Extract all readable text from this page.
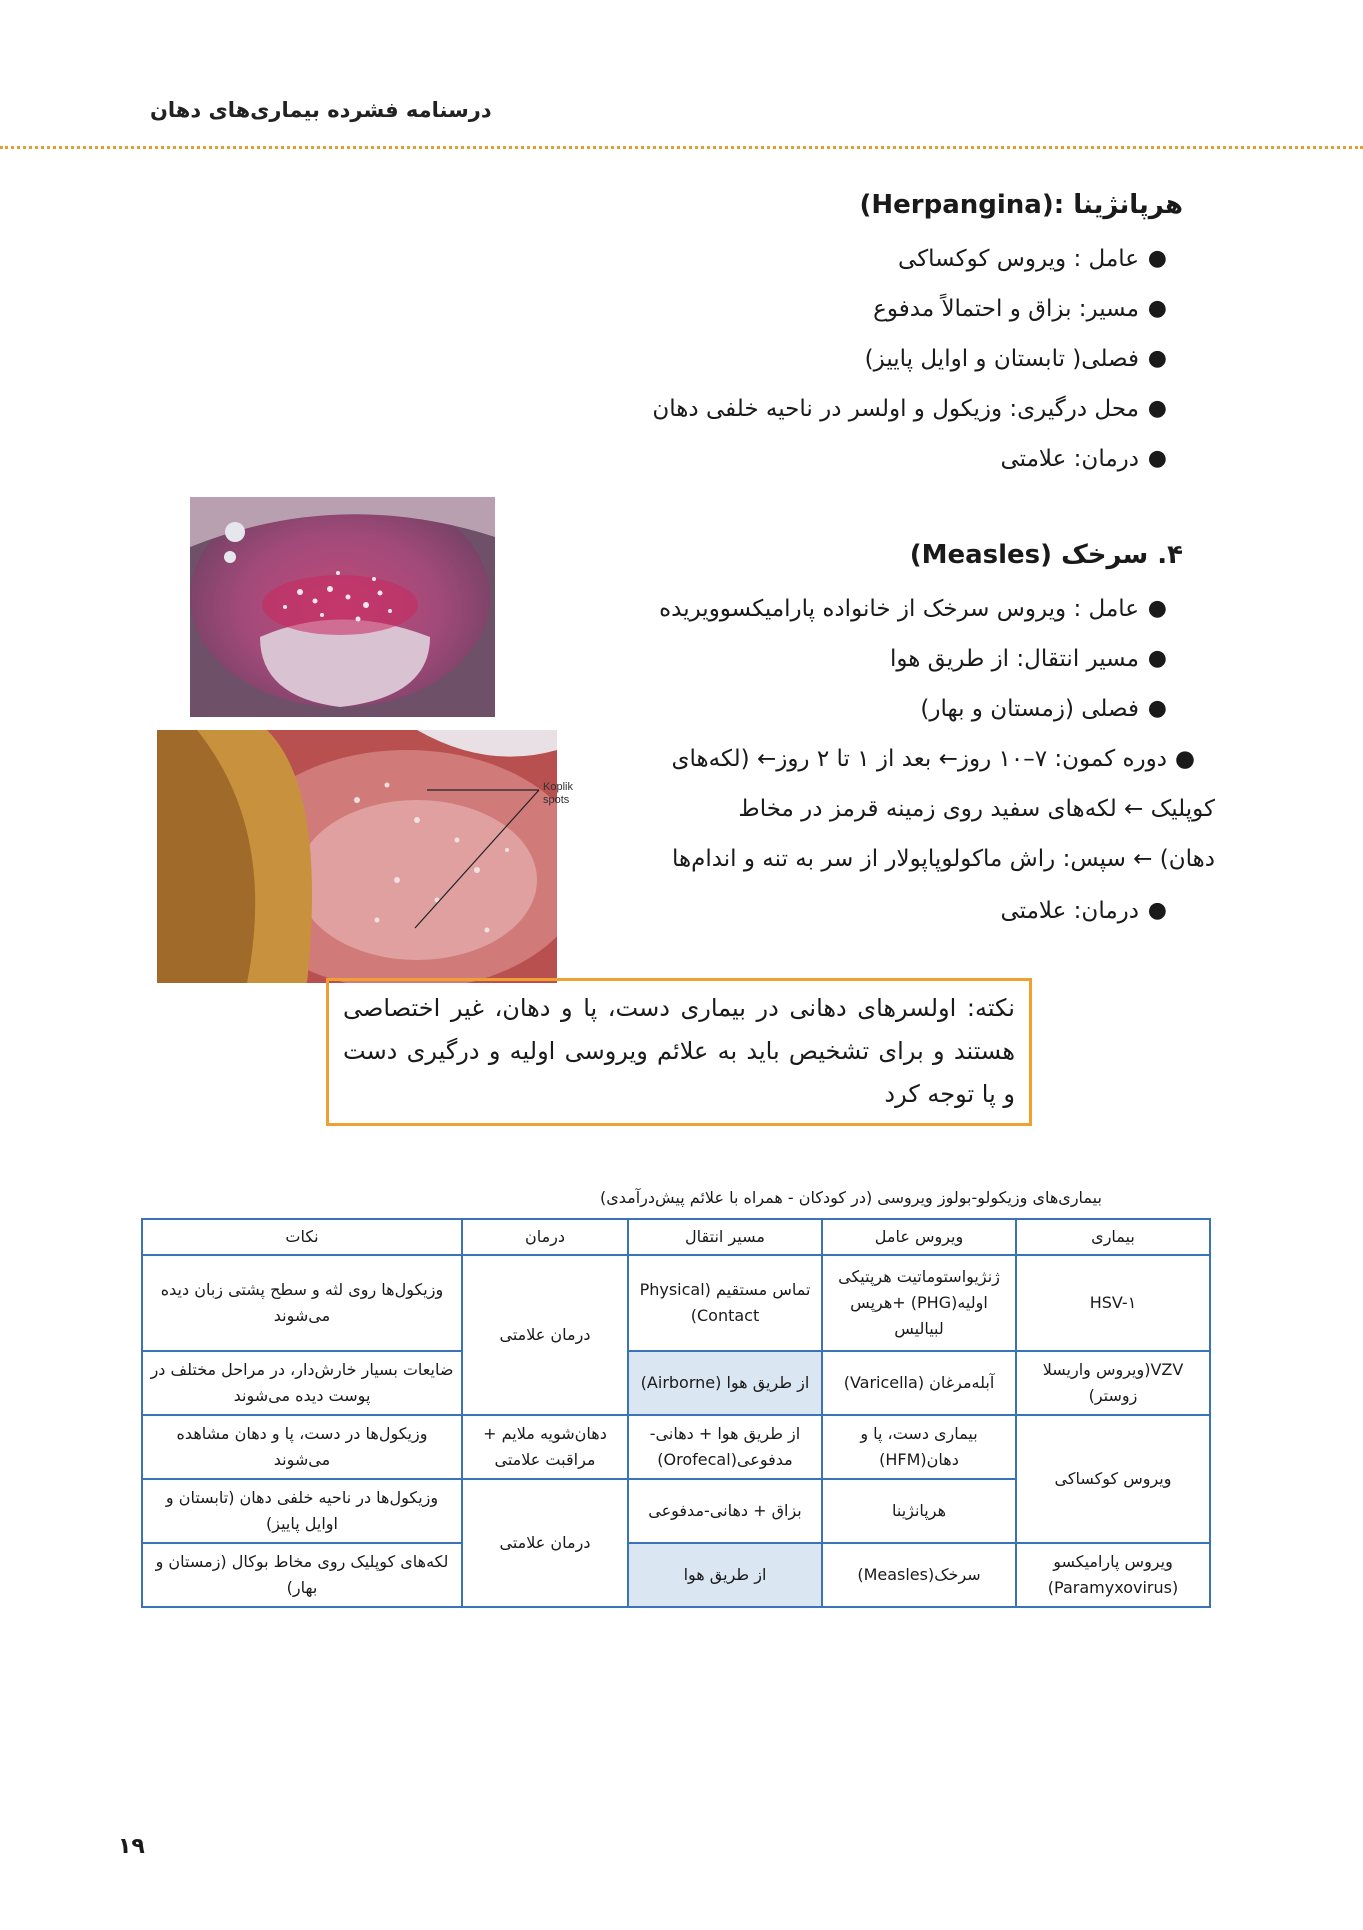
درسنامه فشرده بیماری‌های دهان
هرپانژینا :(Herpangina)
●
عامل : ویروس کوکساکی
●
مسیر: بزاق و احتمالاً مدفوع
●
فصلی( تابستان و اوایل پاییز)
●
محل درگیری: وزیکول و اولسر در ناحیه خلفی دهان
●
درمان: علامتی
۴. سرخک (Measles)
●
عامل : ویروس سرخک از خانواده پارامیکسوویریده
●
مسیر انتقال: از طریق هوا
●
فصلی (زمستان و بهار)
●
دوره کمون: ۷–۱۰ روز← بعد از ۱ تا ۲ روز← (لکه‌های
کوپلیک ← لکه‌های سفید روی زمینه قرمز در مخاط
دهان) ← سپس: راش ماکولوپاپولار از سر به تنه و اندام‌ها
●
درمان: علامتی
Koplik
spots
نکته: اولسرهای دهانی در بیماری دست، پا و دهان، غیر اختصاصی هستند و برای تشخیص باید به علائم ویروسی اولیه و درگیری دست و پا توجه کرد
بیماری‌های وزیکولو-بولوز ویروسی (در کودکان - همراه با علائم پیش‌درآمدی)
بیماری	ویروس عامل	مسیر انتقال	درمان	نکات
HSV-۱	ژنژیواستوماتیت هرپتیکی اولیه(PHG) +هرپس لبیالیس	تماس مستقیم (Physical Contact)	درمان علامتی	وزیکول‌ها روی لثه و سطح پشتی زبان دیده می‌شوند
VZV(ویروس واریسلا زوستر)	آبله‌مرغان (Varicella)	از طریق هوا (Airborne)		ضایعات بسیار خارش‌دار، در مراحل مختلف در پوست دیده می‌شوند
ویروس کوکساکی	بیماری دست، پا و دهان(HFM)	از طریق هوا + دهانی- مدفوعی(Orofecal)	دهان‌شویه ملایم + مراقبت علامتی	وزیکول‌ها در دست، پا و دهان مشاهده می‌شوند
	هرپانژینا	بزاق + دهانی-مدفوعی	درمان علامتی	وزیکول‌ها در ناحیه خلفی دهان (تابستان و اوایل پاییز)
ویروس پارامیکسو (Paramyxovirus)	سرخک(Measles)	از طریق هوا		لکه‌های کوپلیک روی مخاط بوکال (زمستان و بهار)
۱۹
